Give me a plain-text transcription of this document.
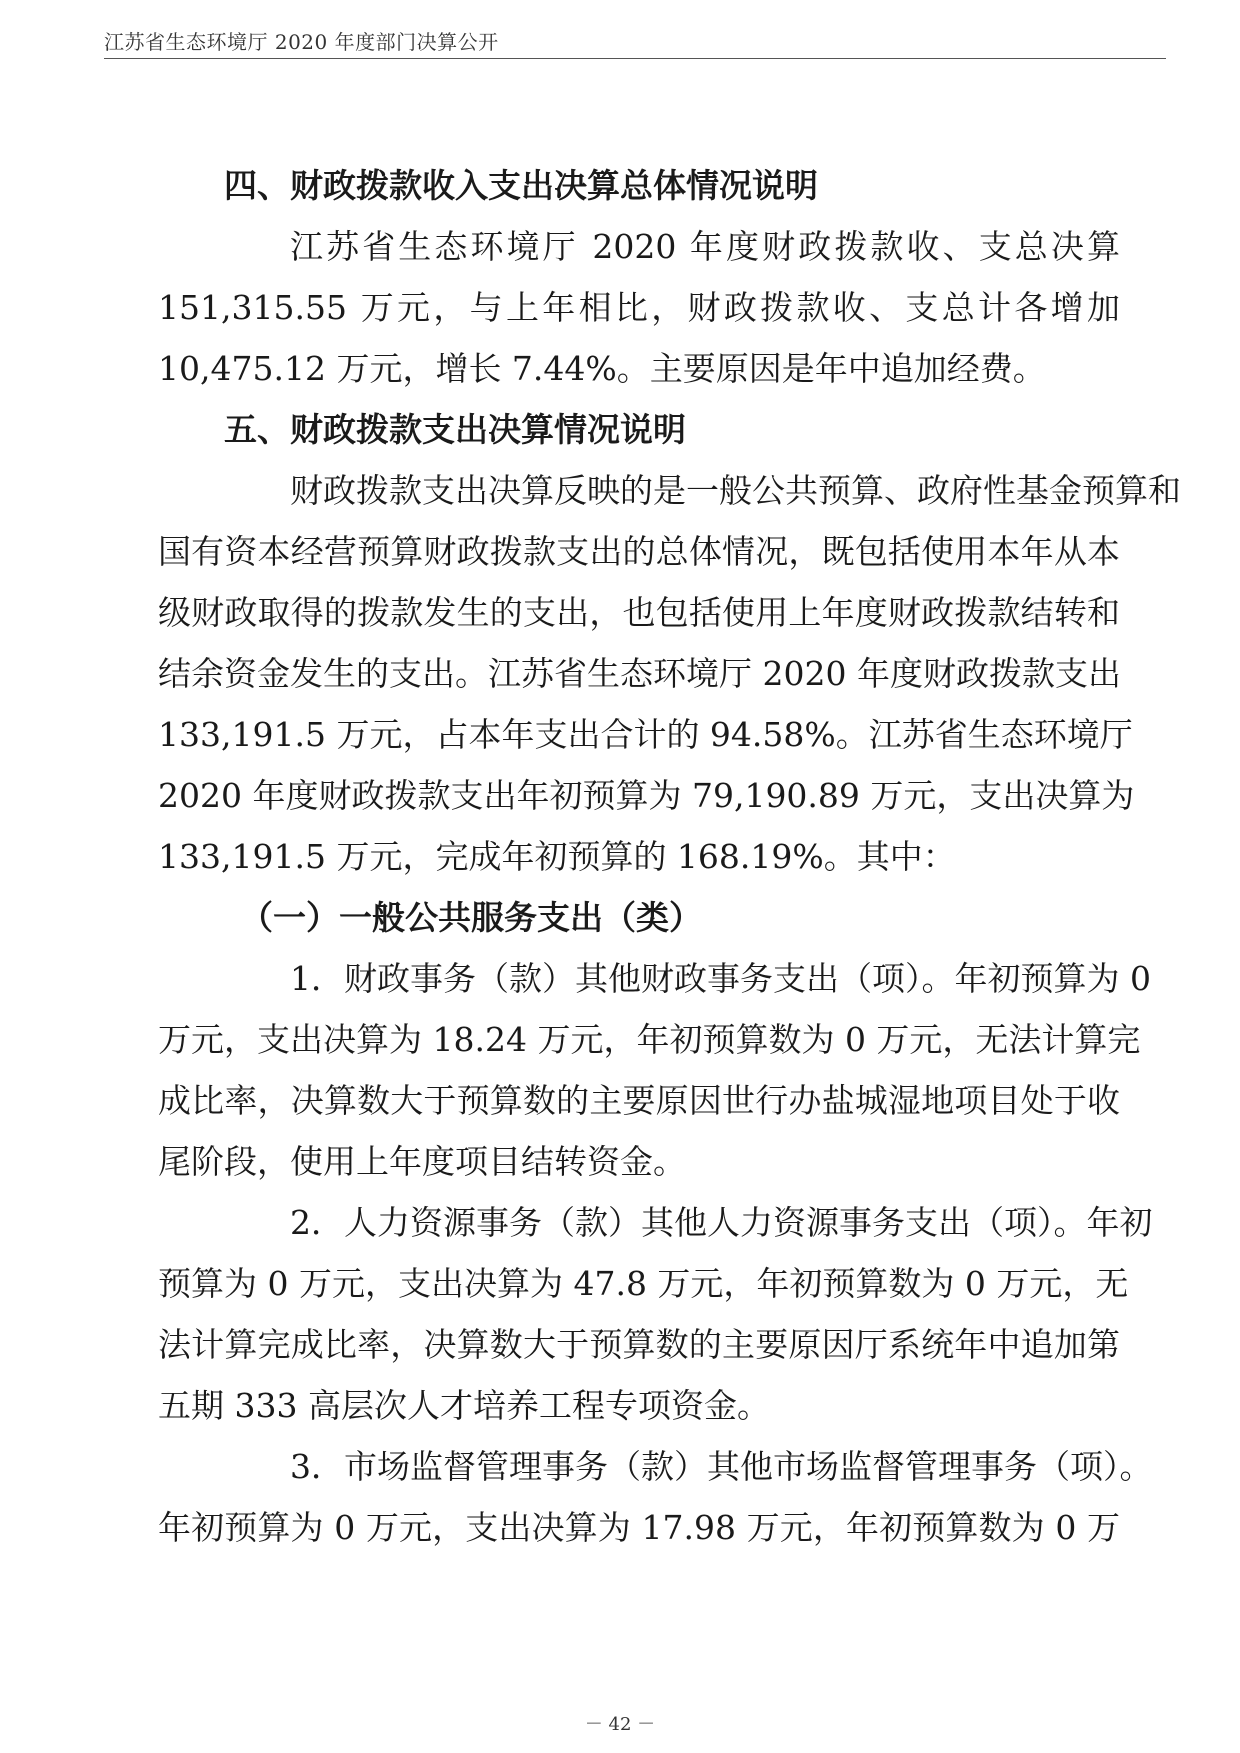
江苏省生态环境厅 2020 年度部门决算公开
四、财政拨款收入支出决算总体情况说明
江苏省生态环境厅 2020 年度财政拨款收、支总决算
151,315.55 万元，与上年相比，财政拨款收、支总计各增加
10,475.12 万元，增长 7.44%。主要原因是年中追加经费。
五、财政拨款支出决算情况说明
财政拨款支出决算反映的是一般公共预算、政府性基金预算和
国有资本经营预算财政拨款支出的总体情况，既包括使用本年从本
级财政取得的拨款发生的支出，也包括使用上年度财政拨款结转和
结余资金发生的支出。江苏省生态环境厅 2020 年度财政拨款支出
133,191.5 万元，占本年支出合计的 94.58%。江苏省生态环境厅
2020 年度财政拨款支出年初预算为 79,190.89 万元，支出决算为
133,191.5 万元，完成年初预算的 168.19%。其中：
（一）一般公共服务支出（类）
1．财政事务（款）其他财政事务支出（项）。年初预算为 0
万元，支出决算为 18.24 万元，年初预算数为 0 万元，无法计算完
成比率，决算数大于预算数的主要原因世行办盐城湿地项目处于收
尾阶段，使用上年度项目结转资金。
2．人力资源事务（款）其他人力资源事务支出（项）。年初
预算为 0 万元，支出决算为 47.8 万元，年初预算数为 0 万元，无
法计算完成比率，决算数大于预算数的主要原因厅系统年中追加第
五期 333 高层次人才培养工程专项资金。
3．市场监督管理事务（款）其他市场监督管理事务（项）。
年初预算为 0 万元，支出决算为 17.98 万元，年初预算数为 0 万
－ 42 －
